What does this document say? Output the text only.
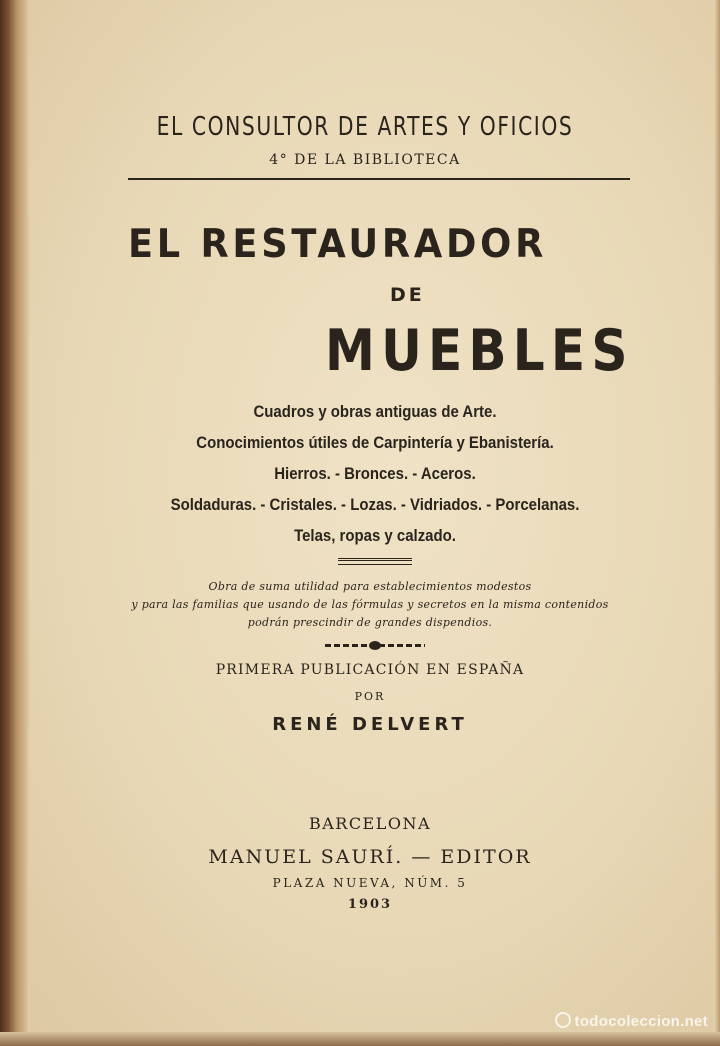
EL CONSULTOR DE ARTES Y OFICIOS
4° DE LA BIBLIOTECA
EL RESTAURADOR
DE
MUEBLES
Cuadros y obras antiguas de Arte.
Conocimientos útiles de Carpintería y Ebanistería.
Hierros. - Bronces. - Aceros.
Soldaduras. - Cristales. - Lozas. - Vidriados. - Porcelanas.
Telas, ropas y calzado.
Obra de suma utilidad para establecimientos modestos
y para las familias que usando de las fórmulas y secretos en la misma contenidos
podrán prescindir de grandes dispendios.
PRIMERA PUBLICACIÓN EN ESPAÑA
POR
RENÉ DELVERT
BARCELONA
MANUEL SAURÍ. — EDITOR
PLAZA NUEVA, NÚM. 5
1903
todocoleccion.net
